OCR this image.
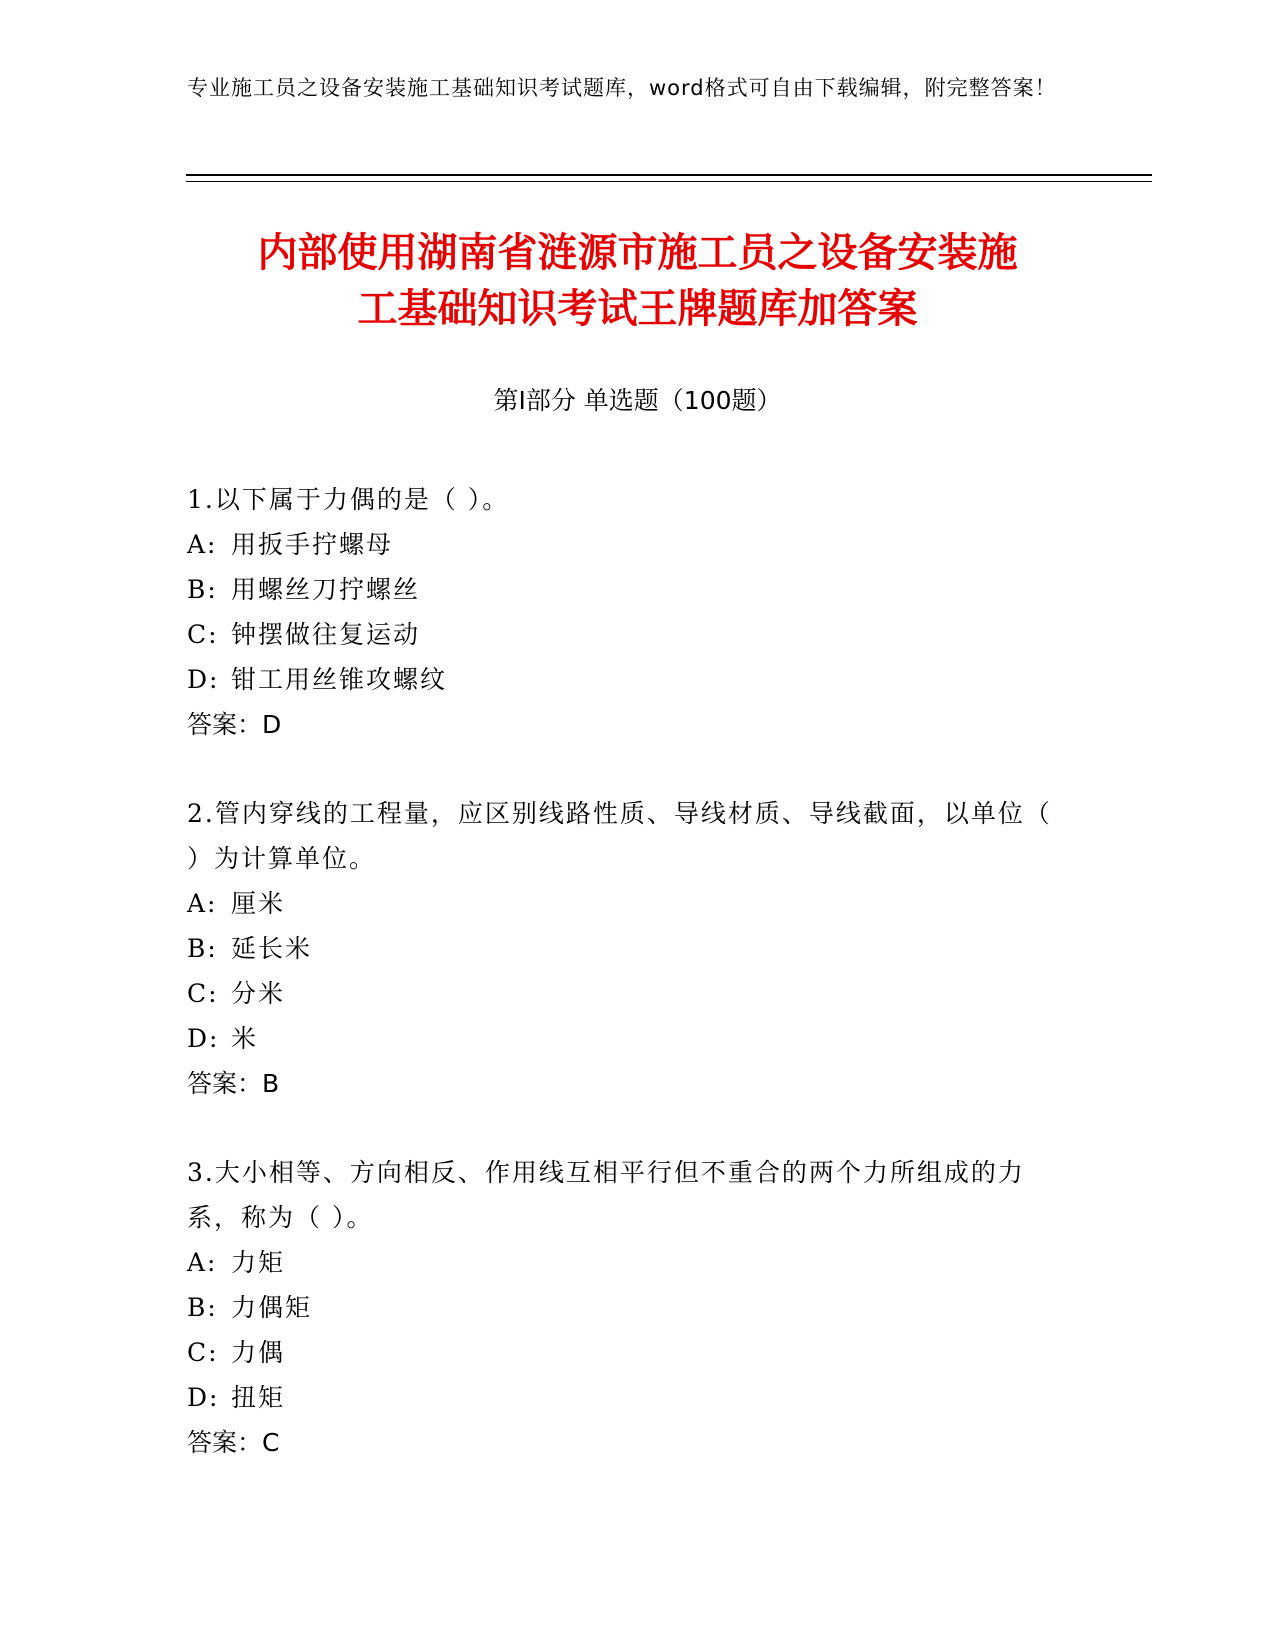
专业施工员之设备安装施工基础知识考试题库，word格式可自由下载编辑，附完整答案！
内部使用湖南省涟源市施工员之设备安装施
工基础知识考试王牌题库加答案
第Ⅰ部分 单选题（100题）
1.以下属于力偶的是（ ）。
A: 用扳手拧螺母
B: 用螺丝刀拧螺丝
C: 钟摆做往复运动
D: 钳工用丝锥攻螺纹
答案：D
2.管内穿线的工程量，应区别线路性质、导线材质、导线截面，以单位（ ）为计算单位。
A: 厘米
B: 延长米
C: 分米
D: 米
答案：B
3.大小相等、方向相反、作用线互相平行但不重合的两个力所组成的力系，称为（ ）。
A: 力矩
B: 力偶矩
C: 力偶
D: 扭矩
答案：C
